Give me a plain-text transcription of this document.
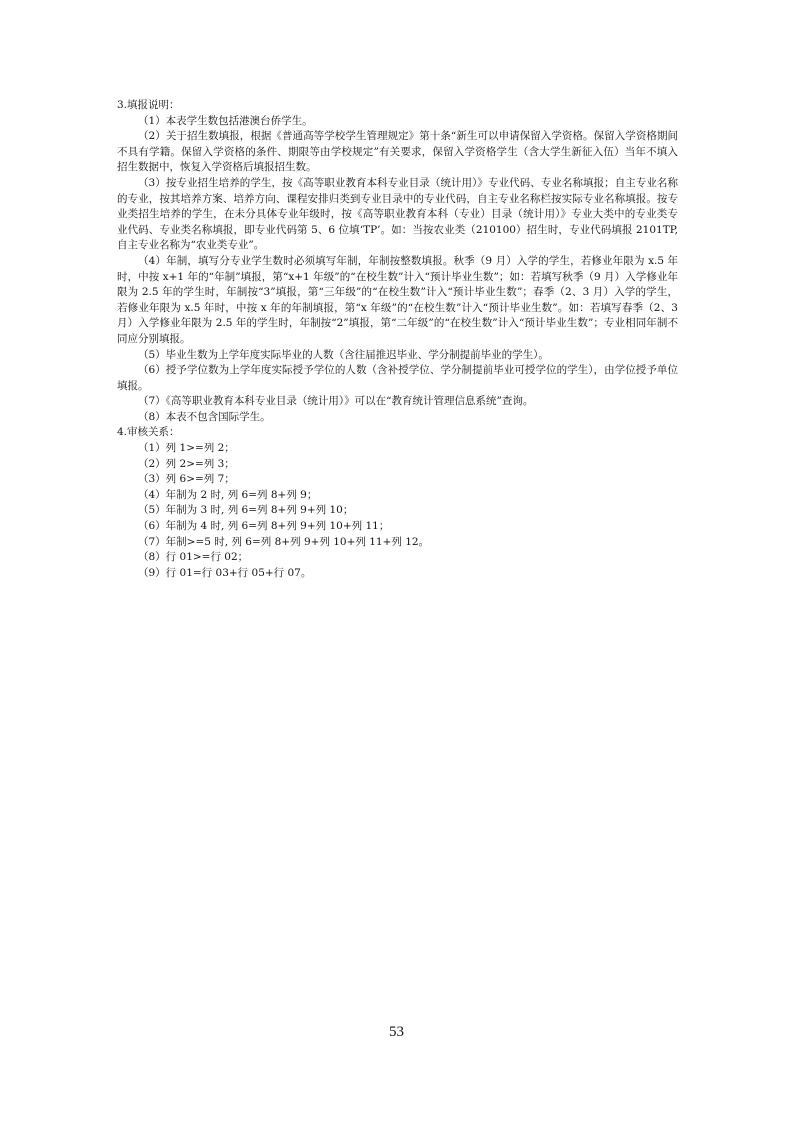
3.填报说明：

（1）本表学生数包括港澳台侨学生。

（2）关于招生数填报，根据《普通高等学校学生管理规定》第十条“新生可以申请保留入学资格。保留入学资格期间不具有学籍。保留入学资格的条件、期限等由学校规定”有关要求，保留入学资格学生（含大学生新征入伍）当年不填入招生数据中，恢复入学资格后填报招生数。

（3）按专业招生培养的学生，按《高等职业教育本科专业目录（统计用）》专业代码、专业名称填报；自主专业名称的专业，按其培养方案、培养方向、课程安排归类到专业目录中的专业代码，自主专业名称栏按实际专业名称填报。按专业类招生培养的学生，在未分具体专业年级时，按《高等职业教育本科（专业）目录（统计用）》专业大类中的专业类专业代码、专业类名称填报，即专业代码第 5、6 位填‘TP’。如：当按农业类（210100）招生时，专业代码填报 2101TP,自主专业名称为“农业类专业”。

（4）年制，填写分专业学生数时必须填写年制，年制按整数填报。秋季（9 月）入学的学生，若修业年限为 x.5 年时，中按 x+1 年的“年制”填报，第“x+1 年级”的“在校生数”计入“预计毕业生数”；如：若填写秋季（9 月）入学修业年限为 2.5 年的学生时，年制按“3”填报，第“三年级”的“在校生数”计入“预计毕业生数”；春季（2、3 月）入学的学生，若修业年限为 x.5 年时，中按 x 年的年制填报，第“x 年级”的“在校生数”计入“预计毕业生数”。如：若填写春季（2、3 月）入学修业年限为 2.5 年的学生时，年制按“2”填报，第“二年级”的“在校生数”计入“预计毕业生数”；专业相同年制不同应分别填报。

（5）毕业生数为上学年度实际毕业的人数（含往届推迟毕业、学分制提前毕业的学生）。

（6）授予学位数为上学年度实际授予学位的人数（含补授学位、学分制提前毕业可授学位的学生），由学位授予单位填报。

（7）《高等职业教育本科专业目录（统计用）》可以在“教育统计管理信息系统”查询。

（8）本表不包含国际学生。

4.审核关系：

（1）列 1>=列 2；

（2）列 2>=列 3；

（3）列 6>=列 7；

（4）年制为 2 时, 列 6=列 8+列 9；

（5）年制为 3 时, 列 6=列 8+列 9+列 10；

（6）年制为 4 时, 列 6=列 8+列 9+列 10+列 11；

（7）年制>=5 时, 列 6=列 8+列 9+列 10+列 11+列 12。

（8）行 01>=行 02；

（9）行 01=行 03+行 05+行 07。

53
